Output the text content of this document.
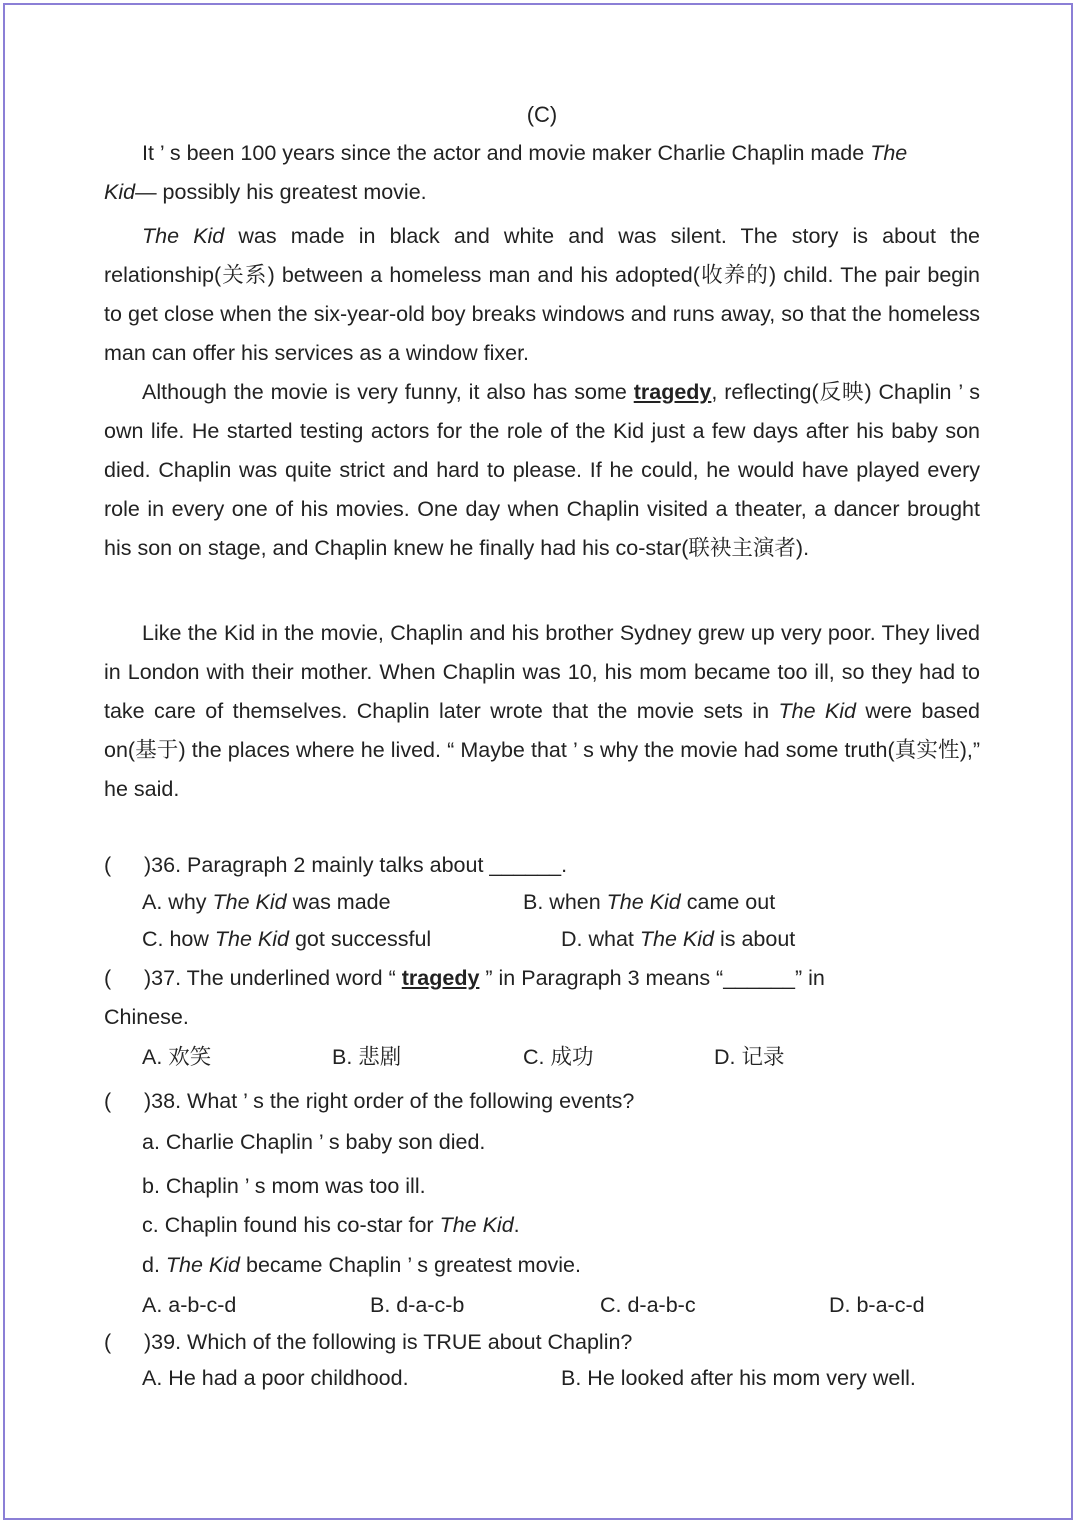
(C)

It ’ s been 100 years since the actor and movie maker Charlie Chaplin made The
Kid— possibly his greatest movie.

The Kid was made in black and white and was silent. The story is about the relationship(关系) between a homeless man and his adopted(收养的) child. The pair begin to get close when the six-year-old boy breaks windows and runs away, so that the homeless man can offer his services as a window fixer.

Although the movie is very funny, it also has some tragedy, reflecting(反映) Chaplin ’ s own life. He started testing actors for the role of the Kid just a few days after his baby son died. Chaplin was quite strict and hard to please. If he could, he would have played every role in every one of his movies. One day when Chaplin visited a theater, a dancer brought his son on stage, and Chaplin knew he finally had his co-star(联袂主演者).

Like the Kid in the movie, Chaplin and his brother Sydney grew up very poor. They lived in London with their mother. When Chaplin was 10, his mom became too ill, so they had to take care of themselves. Chaplin later wrote that the movie sets in The Kid were based on(基于) the places where he lived. “ Maybe that ’ s why the movie had some truth(真实性),” he said.

( )36. Paragraph 2 mainly talks about ______.

A. why The Kid was made	B. when The Kid came out
C. how The Kid got successful	D. what The Kid is about

( )37. The underlined word “ tragedy ” in Paragraph 3 means “______” in

Chinese.

A. 欢笑	B. 悲剧	C. 成功	D. 记录

( )38. What ’ s the right order of the following events?

a. Charlie Chaplin ’ s baby son died.
b. Chaplin ’ s mom was too ill.
c. Chaplin found his co-star for The Kid.
d. The Kid became Chaplin ’ s greatest movie.
A. a-b-c-d	B. d-a-c-b	C. d-a-b-c	D. b-a-c-d

( )39. Which of the following is TRUE about Chaplin?

A. He had a poor childhood.	B. He looked after his mom very well.
